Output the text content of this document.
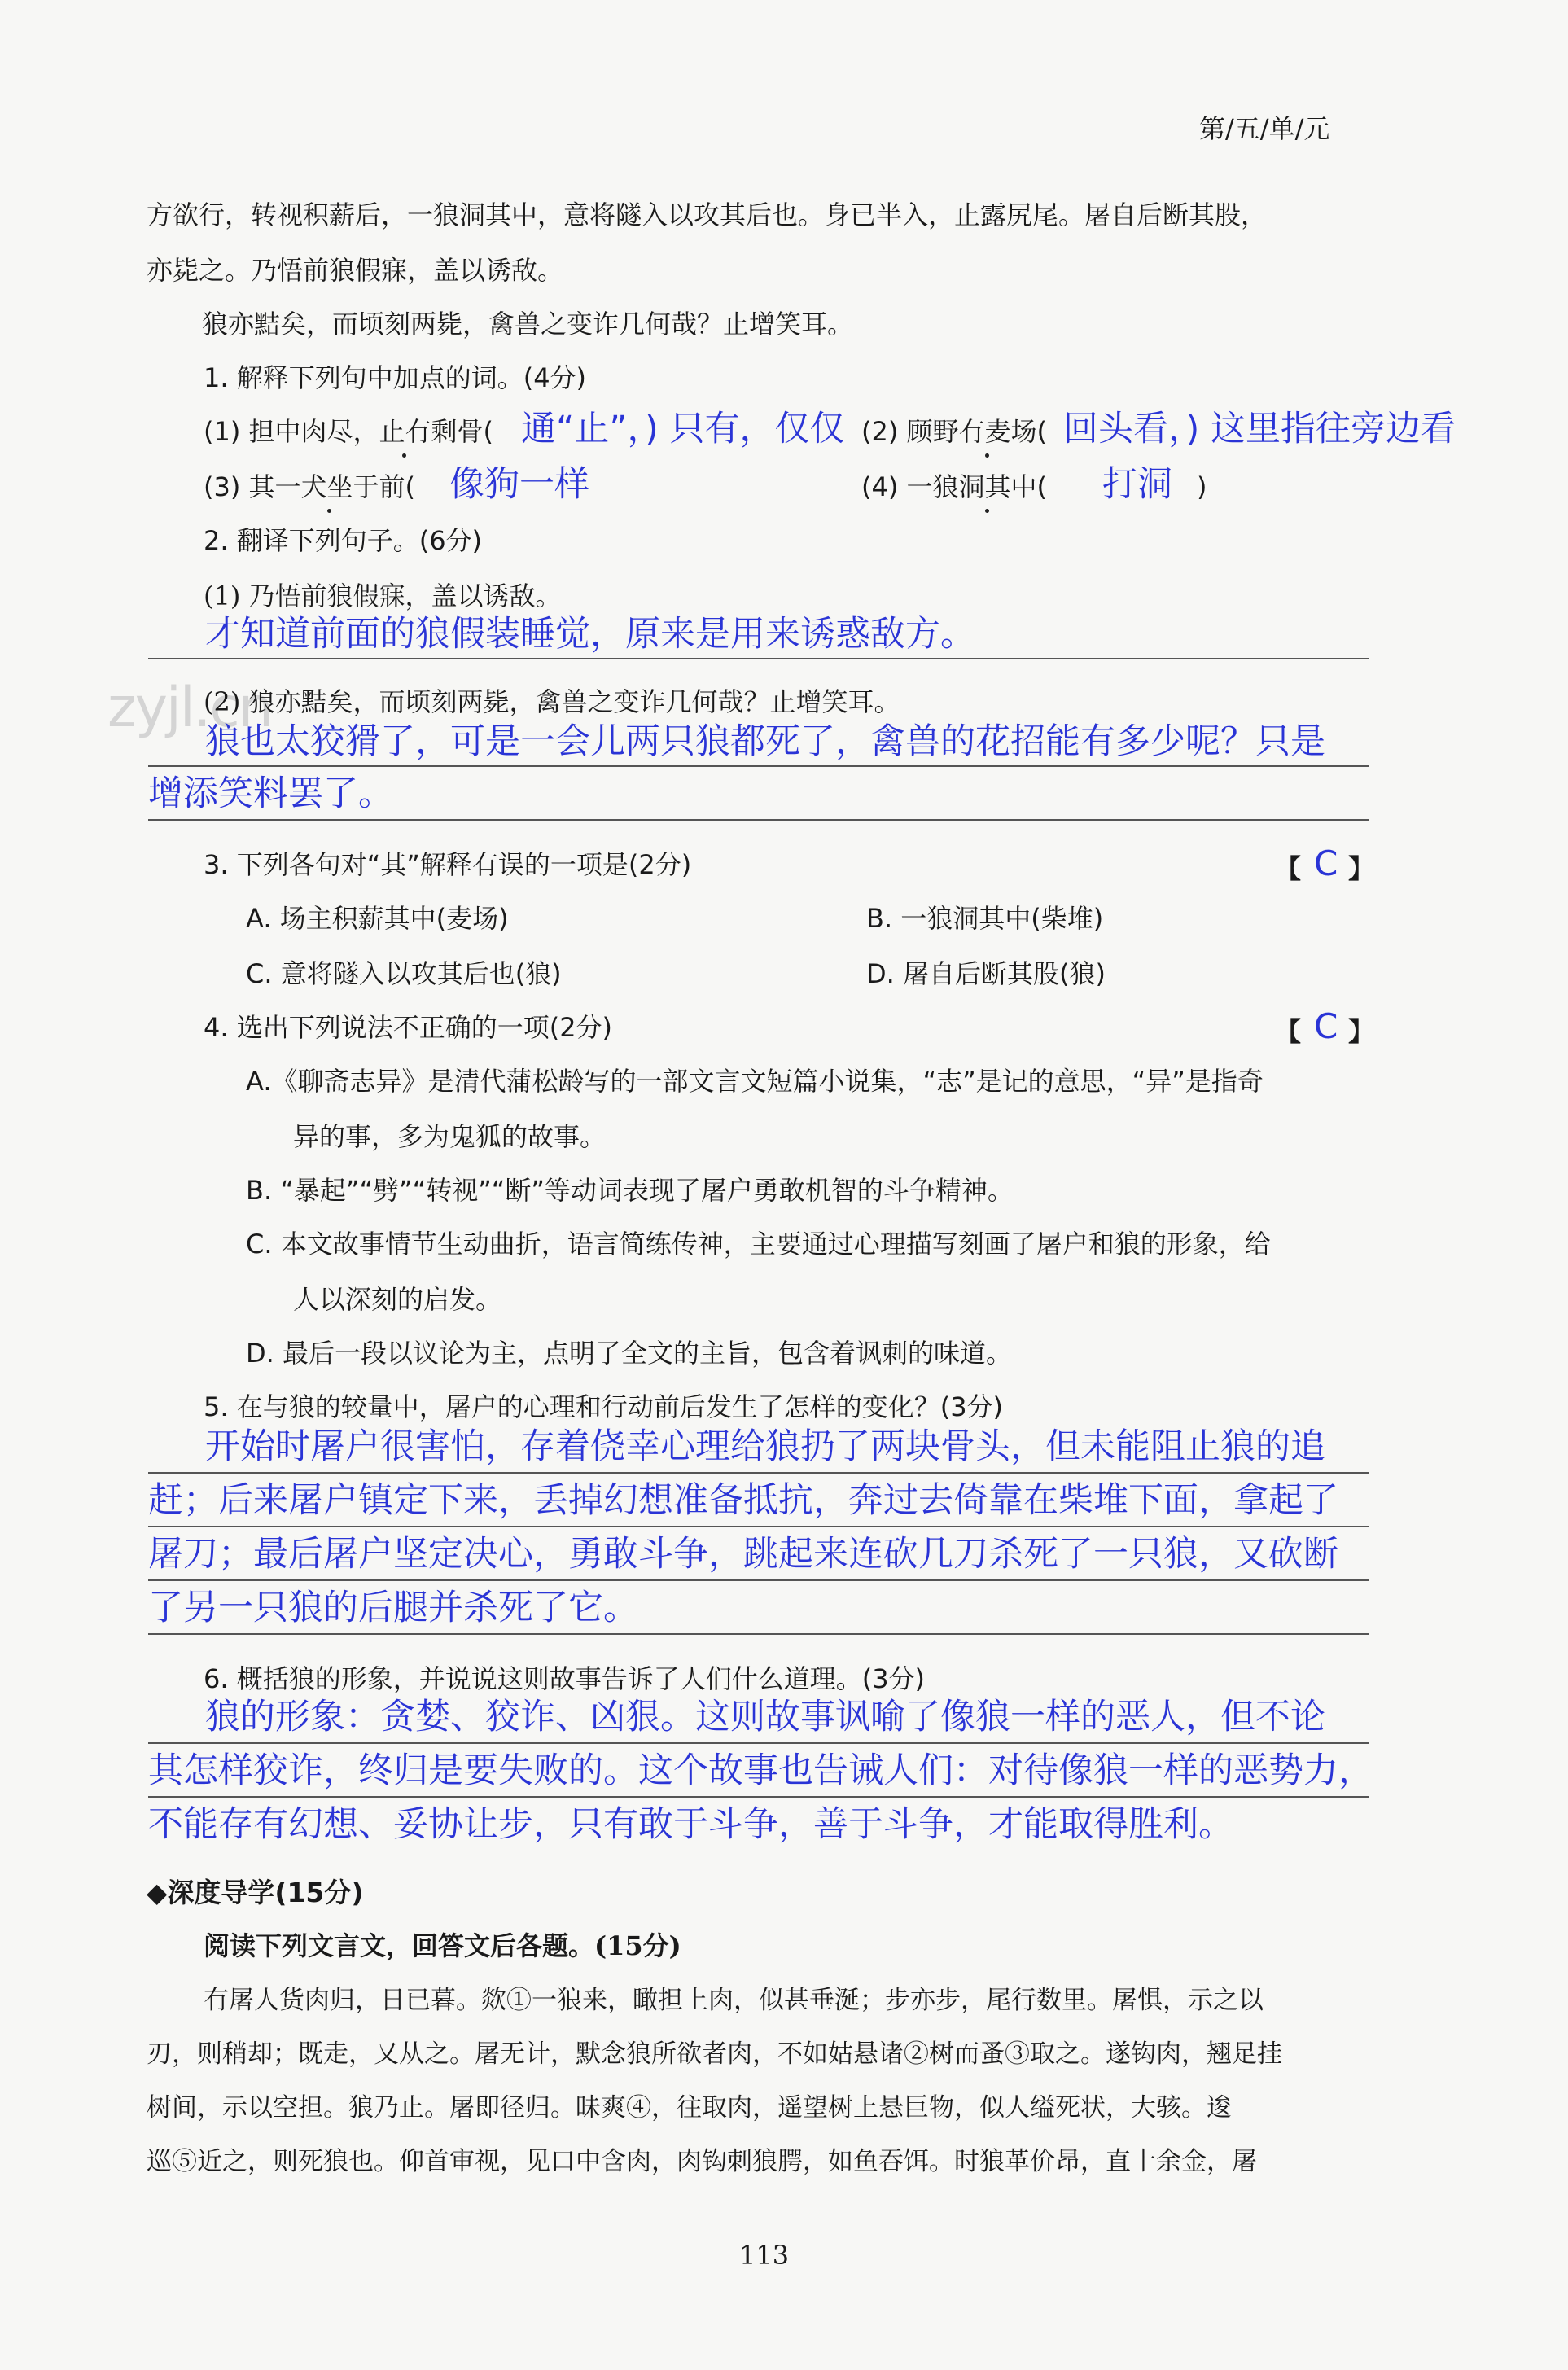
第/五/单/元
方欲行，转视积薪后，一狼洞其中，意将隧入以攻其后也。身已半入，止露尻尾。屠自后断其股，
亦毙之。乃悟前狼假寐，盖以诱敌。
狼亦黠矣，而顷刻两毙，禽兽之变诈几何哉？止增笑耳。
1. 解释下列句中加点的词。(4分)
(1) 担中肉尽，止有剩骨( 通“止”，) 只有，仅仅 (2) 顾野有麦场( 回头看，) 这里指往旁边看
(3) 其一犬坐于前( 像狗一样	(4) 一狼洞其中( 打洞 )
2. 翻译下列句子。(6分)
(1) 乃悟前狼假寐，盖以诱敌。
才知道前面的狼假装睡觉，原来是用来诱惑敌方。
zyjl.cn
(2) 狼亦黠矣，而顷刻两毙，禽兽之变诈几何哉？止增笑耳。
狼也太狡猾了，可是一会儿两只狼都死了，禽兽的花招能有多少呢？只是
增添笑料罢了。
3. 下列各句对“其”解释有误的一项是(2分)	【 C 】
A. 场主积薪其中(麦场)	B. 一狼洞其中(柴堆)
C. 意将隧入以攻其后也(狼)	D. 屠自后断其股(狼)
4. 选出下列说法不正确的一项(2分)	【 C 】
A.《聊斋志异》是清代蒲松龄写的一部文言文短篇小说集，“志”是记的意思，“异”是指奇
异的事，多为鬼狐的故事。
B. “暴起”“劈”“转视”“断”等动词表现了屠户勇敢机智的斗争精神。
C. 本文故事情节生动曲折，语言简练传神，主要通过心理描写刻画了屠户和狼的形象，给
人以深刻的启发。
D. 最后一段以议论为主，点明了全文的主旨，包含着讽刺的味道。
5. 在与狼的较量中，屠户的心理和行动前后发生了怎样的变化？(3分)
开始时屠户很害怕，存着侥幸心理给狼扔了两块骨头，但未能阻止狼的追
赶；后来屠户镇定下来，丢掉幻想准备抵抗，奔过去倚靠在柴堆下面，拿起了
屠刀；最后屠户坚定决心，勇敢斗争，跳起来连砍几刀杀死了一只狼，又砍断
了另一只狼的后腿并杀死了它。
6. 概括狼的形象，并说说这则故事告诉了人们什么道理。(3分)
狼的形象：贪婪、狡诈、凶狠。这则故事讽喻了像狼一样的恶人，但不论
其怎样狡诈，终归是要失败的。这个故事也告诫人们：对待像狼一样的恶势力，
不能存有幻想、妥协让步，只有敢于斗争，善于斗争，才能取得胜利。
◆深度导学(15分)
阅读下列文言文，回答文后各题。(15分)
有屠人货肉归，日已暮。欻①一狼来，瞰担上肉，似甚垂涎；步亦步，尾行数里。屠惧，示之以
刃，则稍却；既走，又从之。屠无计，默念狼所欲者肉，不如姑悬诸②树而蚤③取之。遂钩肉，翘足挂
树间，示以空担。狼乃止。屠即径归。昧爽④，往取肉，遥望树上悬巨物，似人缢死状，大骇。逡
巡⑤近之，则死狼也。仰首审视，见口中含肉，肉钩刺狼腭，如鱼吞饵。时狼革价昂，直十余金，屠
113
